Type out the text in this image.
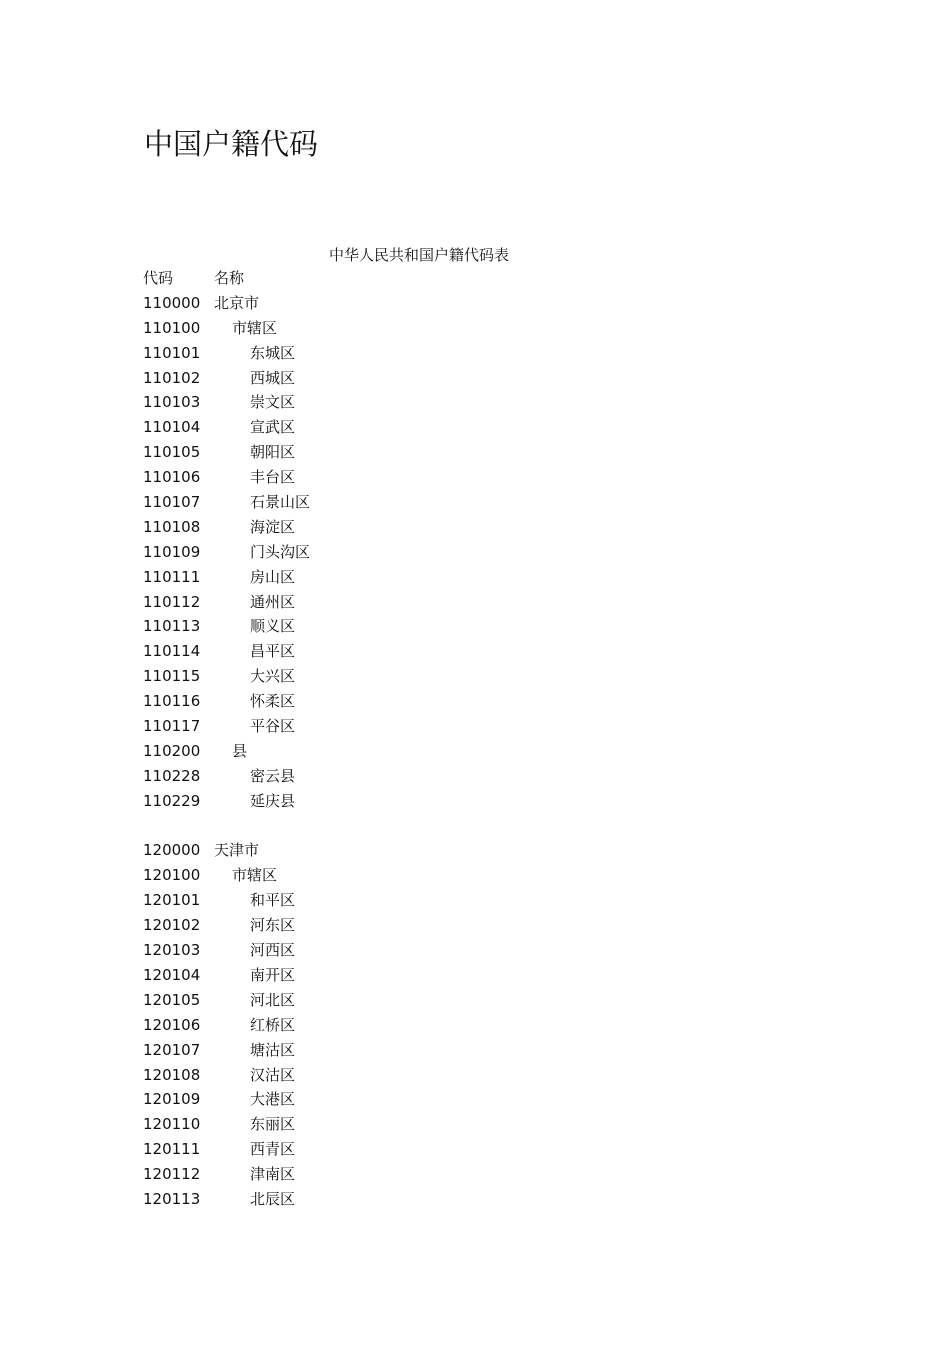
中国户籍代码
中华人民共和国户籍代码表
代码	名称
110000 北京市
110100 市辖区
110101	东城区
110102	西城区
110103	崇文区
110104	宣武区
110105	朝阳区
110106	丰台区
110107	石景山区
110108	海淀区
110109	门头沟区
110111	房山区
110112	通州区
110113	顺义区
110114	昌平区
110115	大兴区
110116	怀柔区
110117	平谷区
110200 县
110228	密云县
110229	延庆县
120000 天津市
120100 市辖区
120101	和平区
120102	河东区
120103	河西区
120104	南开区
120105	河北区
120106	红桥区
120107	塘沽区
120108	汉沽区
120109	大港区
120110	东丽区
120111	西青区
120112	津南区
120113	北辰区
